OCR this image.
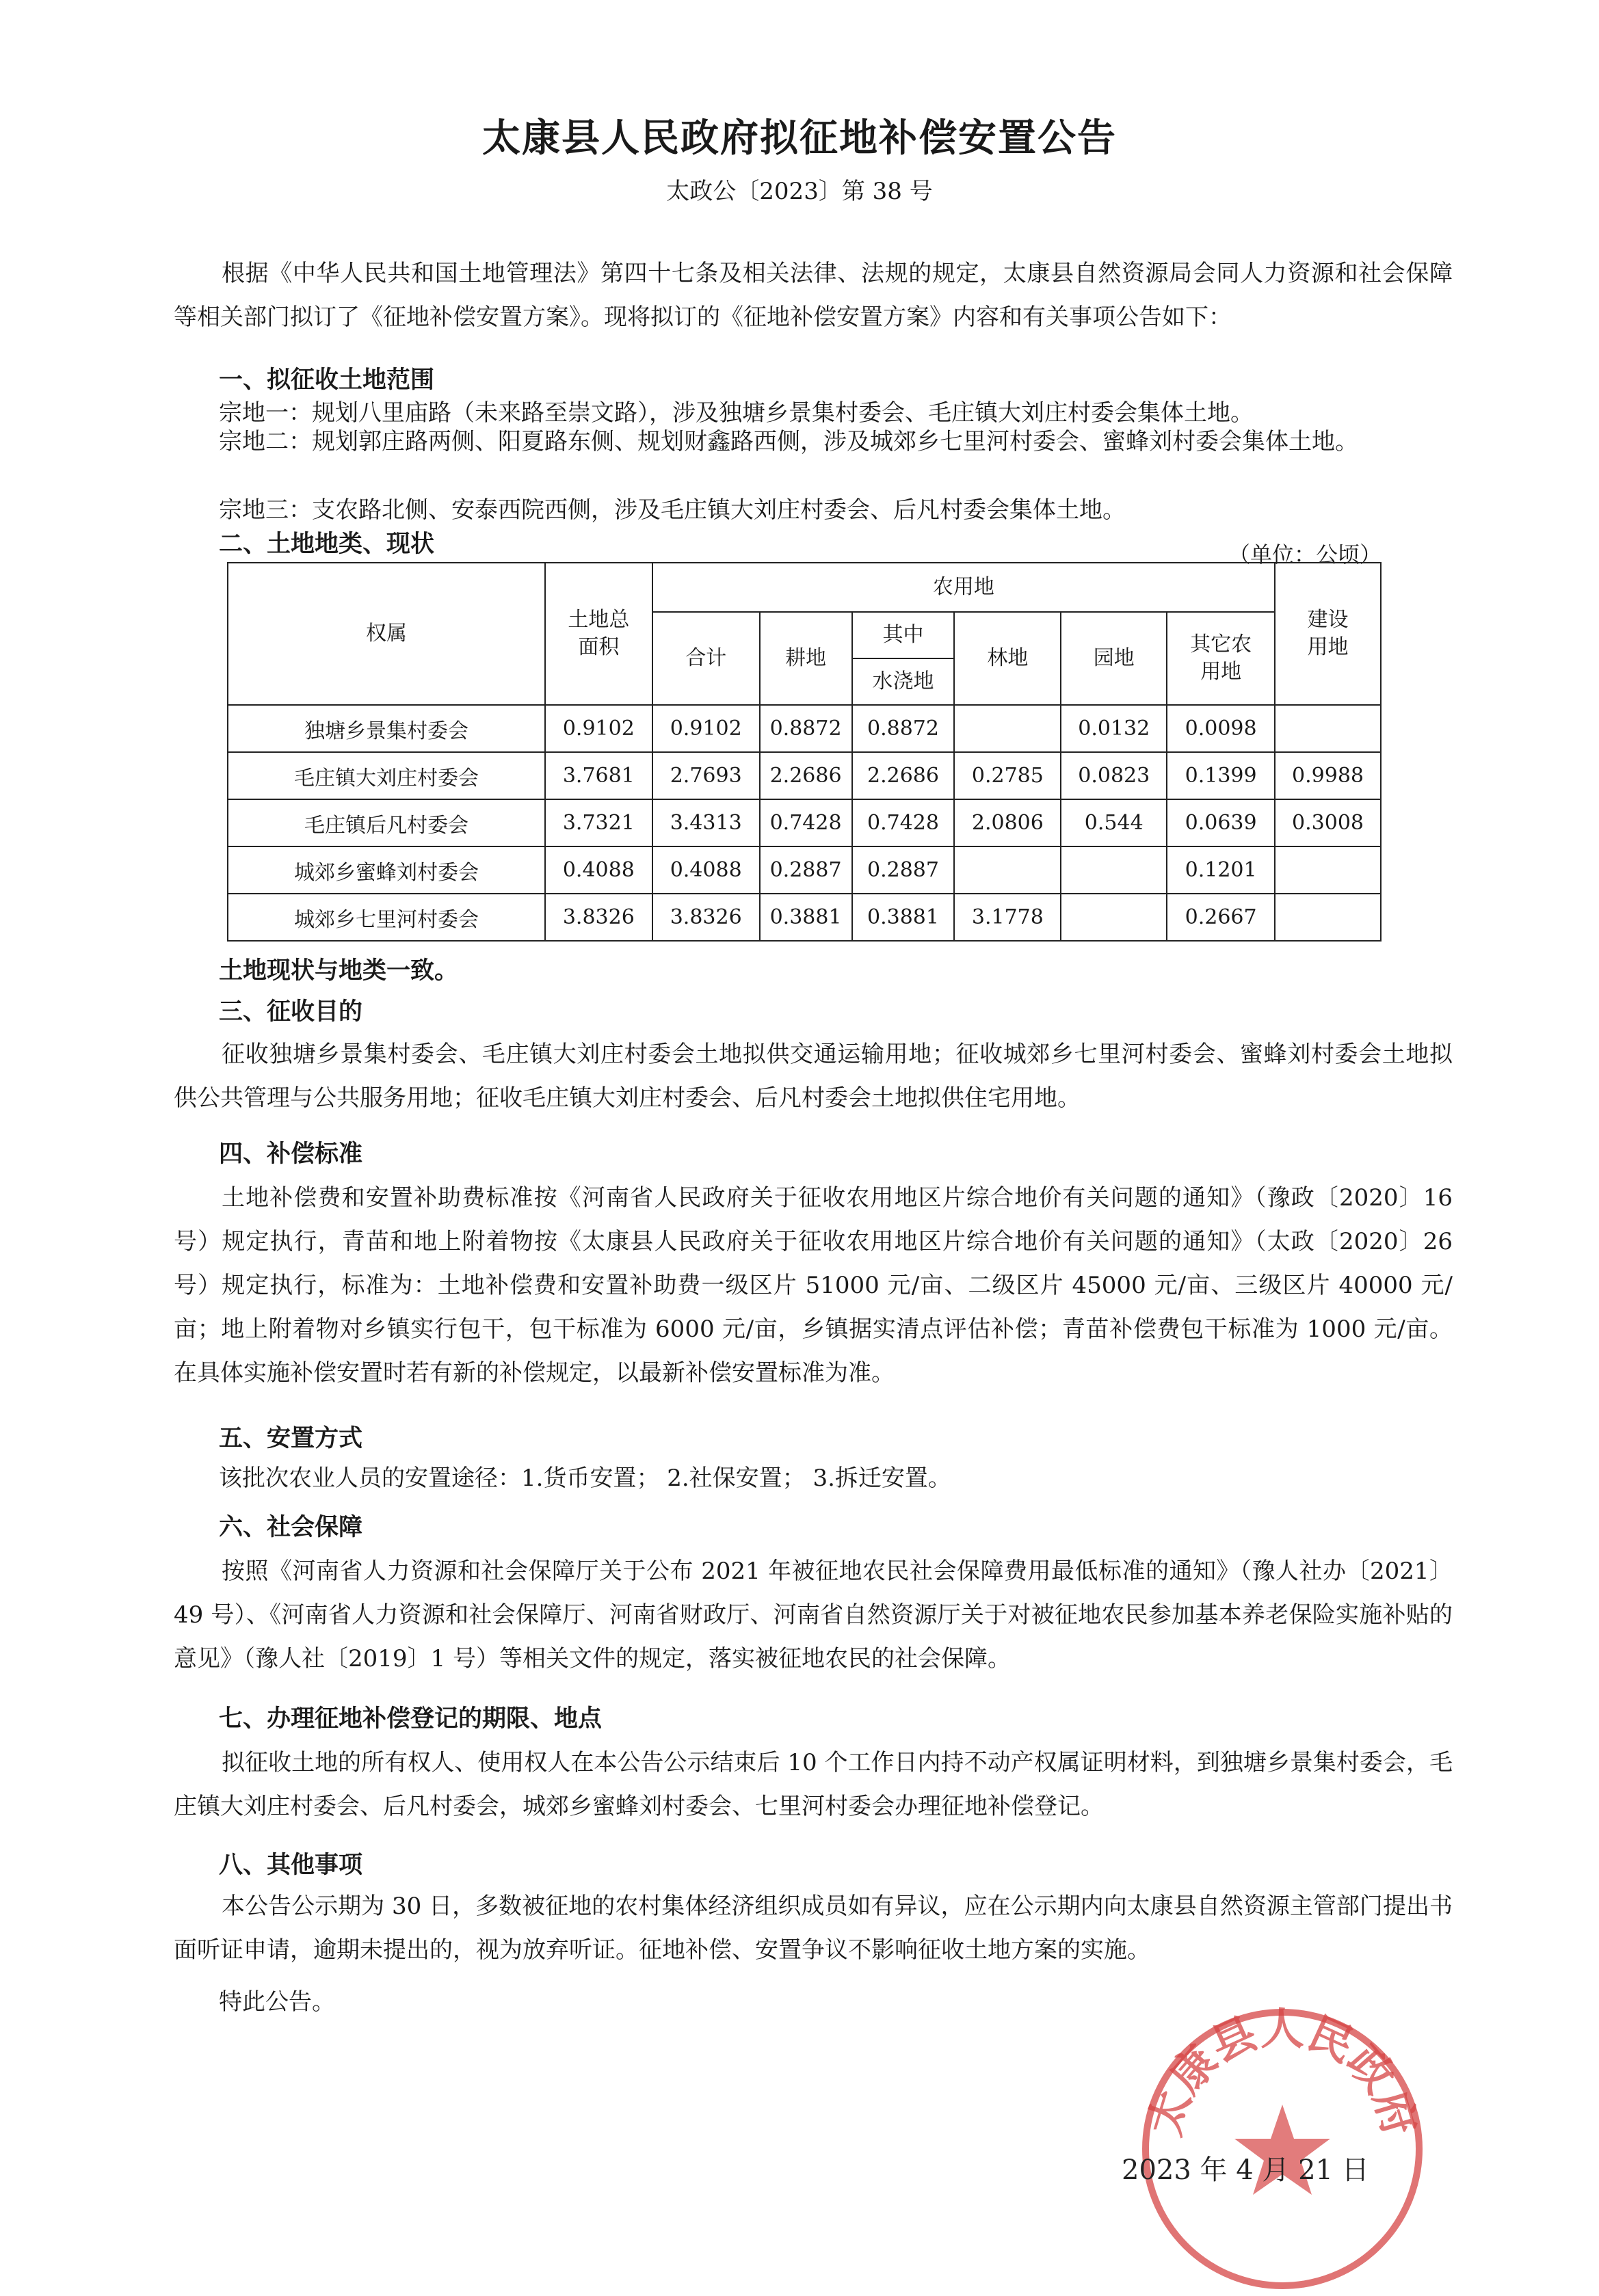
太康县人民政府拟征地补偿安置公告
太政公〔2023〕第 38 号
根据《中华人民共和国土地管理法》第四十七条及相关法律、法规的规定，太康县自然资源局会同人力资源和社会保障等相关部门拟订了《征地补偿安置方案》。现将拟订的《征地补偿安置方案》内容和有关事项公告如下：
一、拟征收土地范围
宗地一：规划八里庙路（未来路至崇文路），涉及独塘乡景集村委会、毛庄镇大刘庄村委会集体土地。
宗地二：规划郭庄路两侧、阳夏路东侧、规划财鑫路西侧，涉及城郊乡七里河村委会、蜜蜂刘村委会集体土地。
宗地三：支农路北侧、安泰西院西侧，涉及毛庄镇大刘庄村委会、后凡村委会集体土地。
二、土地地类、现状	（单位：公顷）
权属	土地总面积	农用地						建设用地
		合计	耕地	其中	林地	园地	其它农用地	
				水浇地				
独塘乡景集村委会	0.9102	0.9102	0.8872	0.8872		0.0132	0.0098	
毛庄镇大刘庄村委会	3.7681	2.7693	2.2686	2.2686	0.2785	0.0823	0.1399	0.9988
毛庄镇后凡村委会	3.7321	3.4313	0.7428	0.7428	2.0806	0.544	0.0639	0.3008
城郊乡蜜蜂刘村委会	0.4088	0.4088	0.2887	0.2887			0.1201	
城郊乡七里河村委会	3.8326	3.8326	0.3881	0.3881	3.1778		0.2667	
土地现状与地类一致。
三、征收目的
征收独塘乡景集村委会、毛庄镇大刘庄村委会土地拟供交通运输用地；征收城郊乡七里河村委会、蜜蜂刘村委会土地拟供公共管理与公共服务用地；征收毛庄镇大刘庄村委会、后凡村委会土地拟供住宅用地。
四、补偿标准
土地补偿费和安置补助费标准按《河南省人民政府关于征收农用地区片综合地价有关问题的通知》（豫政〔2020〕16 号）规定执行，青苗和地上附着物按《太康县人民政府关于征收农用地区片综合地价有关问题的通知》（太政〔2020〕26 号）规定执行，标准为：土地补偿费和安置补助费一级区片 51000 元/亩、二级区片 45000 元/亩、三级区片 40000 元/亩；地上附着物对乡镇实行包干，包干标准为 6000 元/亩，乡镇据实清点评估补偿；青苗补偿费包干标准为 1000 元/亩。在具体实施补偿安置时若有新的补偿规定，以最新补偿安置标准为准。
五、安置方式
该批次农业人员的安置途径：1.货币安置； 2.社保安置； 3.拆迁安置。
六、社会保障
按照《河南省人力资源和社会保障厅关于公布 2021 年被征地农民社会保障费用最低标准的通知》（豫人社办〔2021〕49 号）、《河南省人力资源和社会保障厅、河南省财政厅、河南省自然资源厅关于对被征地农民参加基本养老保险实施补贴的意见》（豫人社〔2019〕1 号）等相关文件的规定，落实被征地农民的社会保障。
七、办理征地补偿登记的期限、地点
拟征收土地的所有权人、使用权人在本公告公示结束后 10 个工作日内持不动产权属证明材料，到独塘乡景集村委会，毛庄镇大刘庄村委会、后凡村委会，城郊乡蜜蜂刘村委会、七里河村委会办理征地补偿登记。
八、其他事项
本公告公示期为 30 日，多数被征地的农村集体经济组织成员如有异议，应在公示期内向太康县自然资源主管部门提出书面听证申请，逾期未提出的，视为放弃听证。征地补偿、安置争议不影响征收土地方案的实施。
特此公告。
太康县人民政府
2023 年 4 月 21 日
